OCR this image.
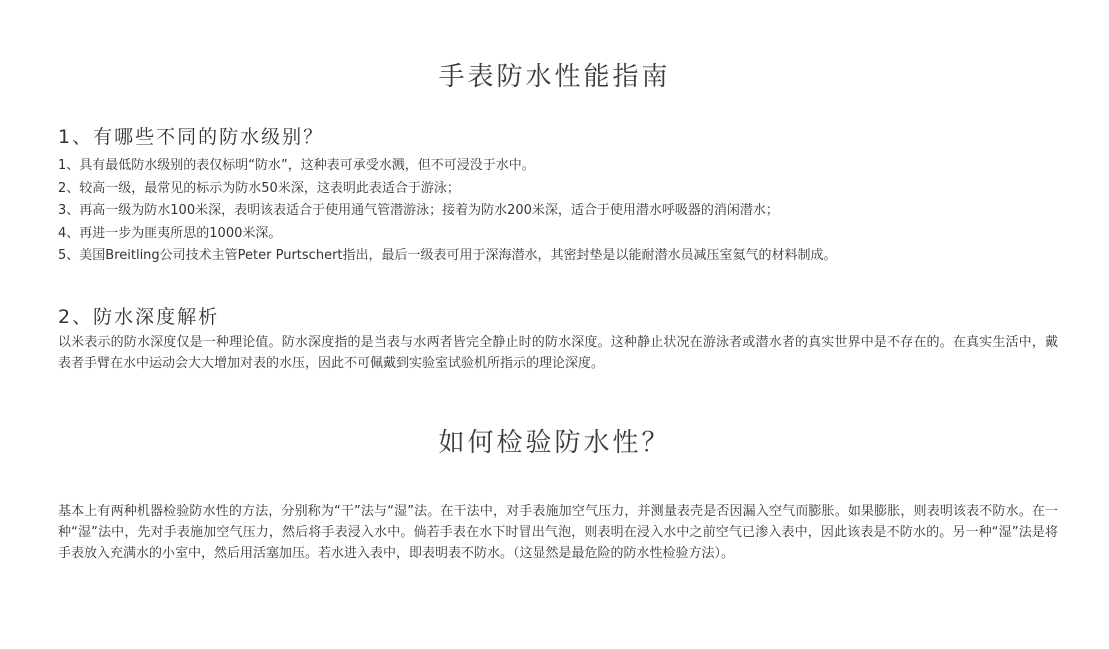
手表防水性能指南
1、有哪些不同的防水级别？
1、具有最低防水级别的表仅标明“防水”，这种表可承受水溅，但不可浸没于水中。
2、较高一级，最常见的标示为防水50米深，这表明此表适合于游泳；
3、再高一级为防水100米深，表明该表适合于使用通气管潜游泳；接着为防水200米深，适合于使用潜水呼吸器的消闲潜水；
4、再进一步为匪夷所思的1000米深。
5、美国Breitling公司技术主管Peter Purtschert指出，最后一级表可用于深海潜水，其密封垫是以能耐潜水员减压室氦气的材料制成。
2、防水深度解析

以米表示的防水深度仅是一种理论值。防水深度指的是当表与水两者皆完全静止时的防水深度。这种静止状况在游泳者或潜水者的真实世界中是不存在的。在真实生活中，戴表者手臂在水中运动会大大增加对表的水压，因此不可佩戴到实验室试验机所指示的理论深度。

如何检验防水性？

基本上有两种机器检验防水性的方法，分别称为“干”法与“湿”法。在干法中，对手表施加空气压力，并测量表壳是否因漏入空气而膨胀。如果膨胀，则表明该表不防水。在一种“湿”法中，先对手表施加空气压力，然后将手表浸入水中。倘若手表在水下时冒出气泡，则表明在浸入水中之前空气已渗入表中，因此该表是不防水的。另一种“湿”法是将手表放入充满水的小室中，然后用活塞加压。若水进入表中，即表明表不防水。（这显然是最危险的防水性检验方法）。
